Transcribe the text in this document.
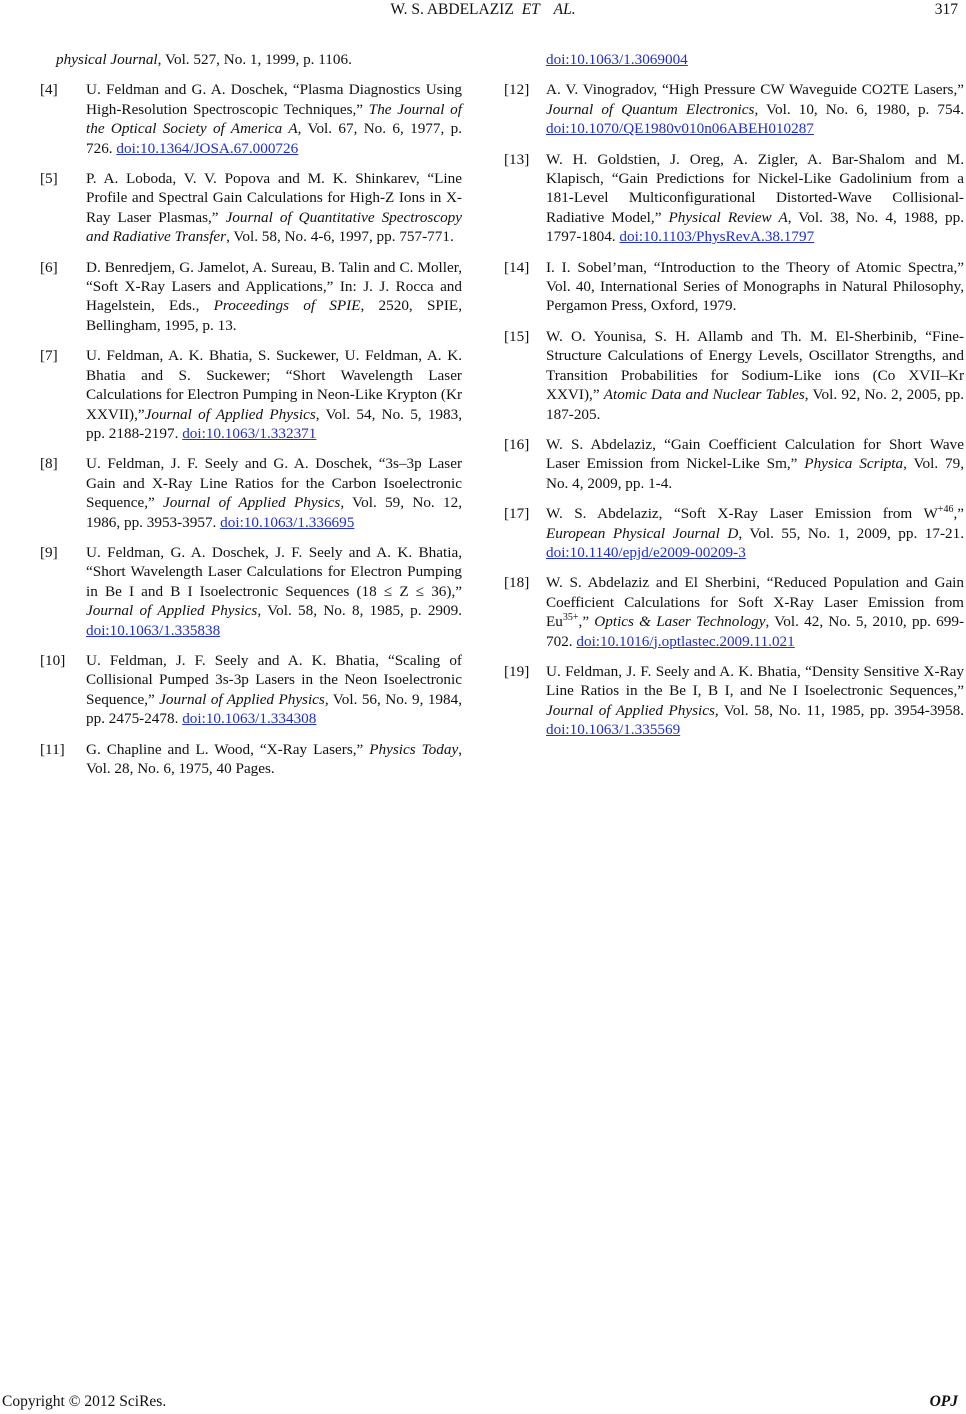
W. S. ABDELAZIZ ET AL.	317
physical Journal, Vol. 527, No. 1, 1999, p. 1106.
[4] U. Feldman and G. A. Doschek, “Plasma Diagnostics Using High-Resolution Spectroscopic Techniques,” The Journal of the Optical Society of America A, Vol. 67, No. 6, 1977, p. 726. doi:10.1364/JOSA.67.000726
[5] P. A. Loboda, V. V. Popova and M. K. Shinkarev, “Line Profile and Spectral Gain Calculations for High-Z Ions in X-Ray Laser Plasmas,” Journal of Quantitative Spectroscopy and Radiative Transfer, Vol. 58, No. 4-6, 1997, pp. 757-771.
[6] D. Benredjem, G. Jamelot, A. Sureau, B. Talin and C. Moller, “Soft X-Ray Lasers and Applications,” In: J. J. Rocca and Hagelstein, Eds., Proceedings of SPIE, 2520, SPIE, Bellingham, 1995, p. 13.
[7] U. Feldman, A. K. Bhatia, S. Suckewer, U. Feldman, A. K. Bhatia and S. Suckewer; “Short Wavelength Laser Calculations for Electron Pumping in Neon-Like Krypton (Kr XXVII),”Journal of Applied Physics, Vol. 54, No. 5, 1983, pp. 2188-2197. doi:10.1063/1.332371
[8] U. Feldman, J. F. Seely and G. A. Doschek, “3s–3p Laser Gain and X-Ray Line Ratios for the Carbon Isoelectronic Sequence,” Journal of Applied Physics, Vol. 59, No. 12, 1986, pp. 3953-3957. doi:10.1063/1.336695
[9] U. Feldman, G. A. Doschek, J. F. Seely and A. K. Bhatia, “Short Wavelength Laser Calculations for Electron Pumping in Be I and B I Isoelectronic Sequences (18 ≤ Z ≤ 36),” Journal of Applied Physics, Vol. 58, No. 8, 1985, p. 2909. doi:10.1063/1.335838
[10] U. Feldman, J. F. Seely and A. K. Bhatia, “Scaling of Collisional Pumped 3s-3p Lasers in the Neon Isoelectronic Sequence,” Journal of Applied Physics, Vol. 56, No. 9, 1984, pp. 2475-2478. doi:10.1063/1.334308
[11] G. Chapline and L. Wood, “X-Ray Lasers,” Physics Today, Vol. 28, No. 6, 1975, 40 Pages.
doi:10.1063/1.3069004
[12] A. V. Vinogradov, “High Pressure CW Waveguide CO2TE Lasers,” Journal of Quantum Electronics, Vol. 10, No. 6, 1980, p. 754. doi:10.1070/QE1980v010n06ABEH010287
[13] W. H. Goldstien, J. Oreg, A. Zigler, A. Bar-Shalom and M. Klapisch, “Gain Predictions for Nickel-Like Gadolinium from a 181-Level Multiconfigurational Distorted-Wave Collisional-Radiative Model,” Physical Review A, Vol. 38, No. 4, 1988, pp. 1797-1804. doi:10.1103/PhysRevA.38.1797
[14] I. I. Sobel’man, “Introduction to the Theory of Atomic Spectra,” Vol. 40, International Series of Monographs in Natural Philosophy, Pergamon Press, Oxford, 1979.
[15] W. O. Younisa, S. H. Allamb and Th. M. El-Sherbinib, “Fine-Structure Calculations of Energy Levels, Oscillator Strengths, and Transition Probabilities for Sodium-Like ions (Co XVII–Kr XXVI),” Atomic Data and Nuclear Tables, Vol. 92, No. 2, 2005, pp. 187-205.
[16] W. S. Abdelaziz, “Gain Coefficient Calculation for Short Wave Laser Emission from Nickel-Like Sm,” Physica Scripta, Vol. 79, No. 4, 2009, pp. 1-4.
[17] W. S. Abdelaziz, “Soft X-Ray Laser Emission from $W^{+46}$,” European Physical Journal D, Vol. 55, No. 1, 2009, pp. 17-21. doi:10.1140/epjd/e2009-00209-3
[18] W. S. Abdelaziz and El Sherbini, “Reduced Population and Gain Coefficient Calculations for Soft X-Ray Laser Emission from $Eu^{35+}$,” Optics & Laser Technology, Vol. 42, No. 5, 2010, pp. 699-702. doi:10.1016/j.optlastec.2009.11.021
[19] U. Feldman, J. F. Seely and A. K. Bhatia, “Density Sensitive X-Ray Line Ratios in the Be I, B I, and Ne I Isoelectronic Sequences,” Journal of Applied Physics, Vol. 58, No. 11, 1985, pp. 3954-3958. doi:10.1063/1.335569
Copyright © 2012 SciRes.	OPJ
